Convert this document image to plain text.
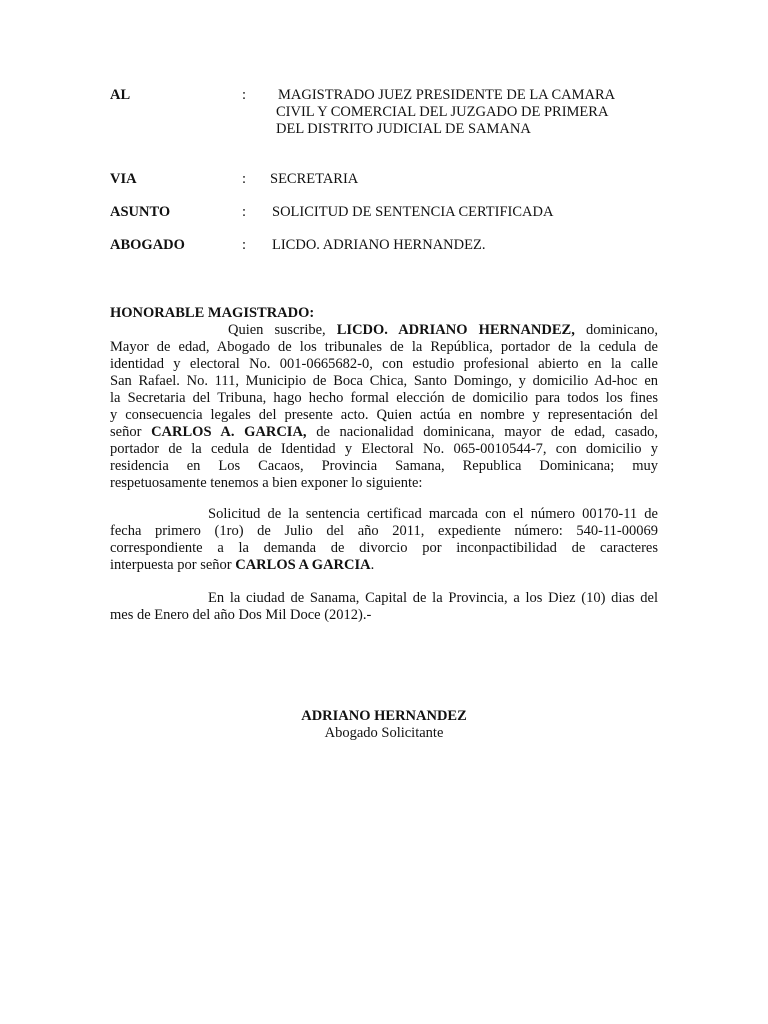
AL	: MAGISTRADO JUEZ PRESIDENTE DE LA CAMARA
CIVIL Y COMERCIAL DEL JUZGADO DE PRIMERA
DEL DISTRITO JUDICIAL DE SAMANA
VIA	: SECRETARIA
ASUNTO	: SOLICITUD DE SENTENCIA CERTIFICADA
ABOGADO	: LICDO. ADRIANO HERNANDEZ.
HONORABLE MAGISTRADO:
Quien suscribe, LICDO. ADRIANO HERNANDEZ, dominicano,
Mayor de edad, Abogado de los tribunales de la República, portador de la cedula de
identidad y electoral No. 001-0665682-0, con estudio profesional abierto en la calle
San Rafael. No. 111, Municipio de Boca Chica, Santo Domingo, y domicilio Ad-hoc en
la Secretaria del Tribuna, hago hecho formal elección de domicilio para todos los fines
y consecuencia legales del presente acto. Quien actúa en nombre y representación del
señor CARLOS A. GARCIA, de nacionalidad dominicana, mayor de edad, casado,
portador de la cedula de Identidad y Electoral No. 065-0010544-7, con domicilio y
residencia en Los Cacaos, Provincia Samana, Republica Dominicana; muy
respetuosamente tenemos a bien exponer lo siguiente:
Solicitud de la sentencia certificad marcada con el número 00170-11 de
fecha primero (1ro) de Julio del año 2011, expediente número: 540-11-00069
correspondiente a la demanda de divorcio por inconpactibilidad de caracteres
interpuesta por señor CARLOS A GARCIA.
En la ciudad de Sanama, Capital de la Provincia, a los Diez (10) dias del
mes de Enero del año Dos Mil Doce (2012).-
ADRIANO HERNANDEZ
Abogado Solicitante
